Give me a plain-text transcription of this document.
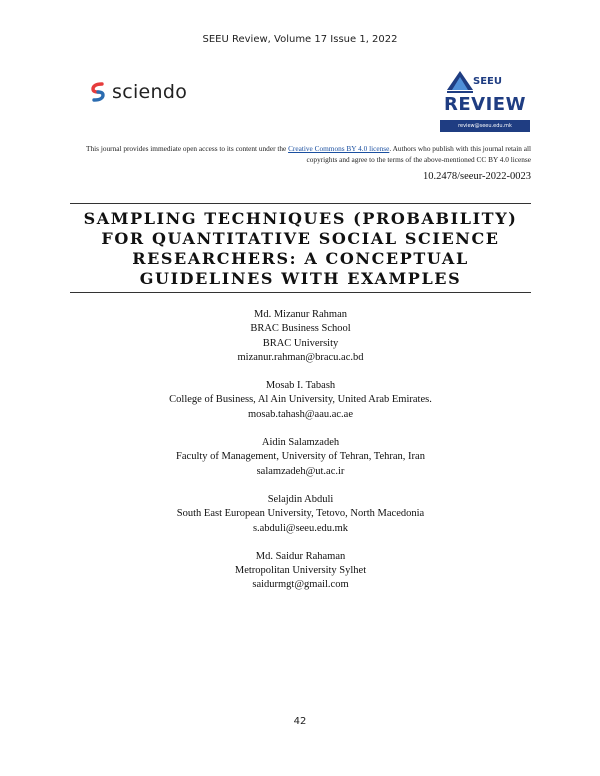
SEEU Review, Volume 17 Issue 1, 2022
sciendo	SEEU
REVIEW
review@seeu.edu.mk
This journal provides immediate open access to its content under the Creative Commons BY 4.0 license. Authors who publish with this journal retain all copyrights and agree to the terms of the above-mentioned CC BY 4.0 license
10.2478/seeur-2022-0023
SAMPLING TECHNIQUES (PROBABILITY) FOR QUANTITATIVE SOCIAL SCIENCE RESEARCHERS: A CONCEPTUAL GUIDELINES WITH EXAMPLES
Md. Mizanur Rahman
BRAC Business School
BRAC University
mizanur.rahman@bracu.ac.bd
Mosab I. Tabash
College of Business, Al Ain University, United Arab Emirates.
mosab.tahash@aau.ac.ae
Aidin Salamzadeh
Faculty of Management, University of Tehran, Tehran, Iran
salamzadeh@ut.ac.ir
Selajdin Abduli
South East European University, Tetovo, North Macedonia
s.abduli@seeu.edu.mk
Md. Saidur Rahaman
Metropolitan University Sylhet
saidurmgt@gmail.com
42
